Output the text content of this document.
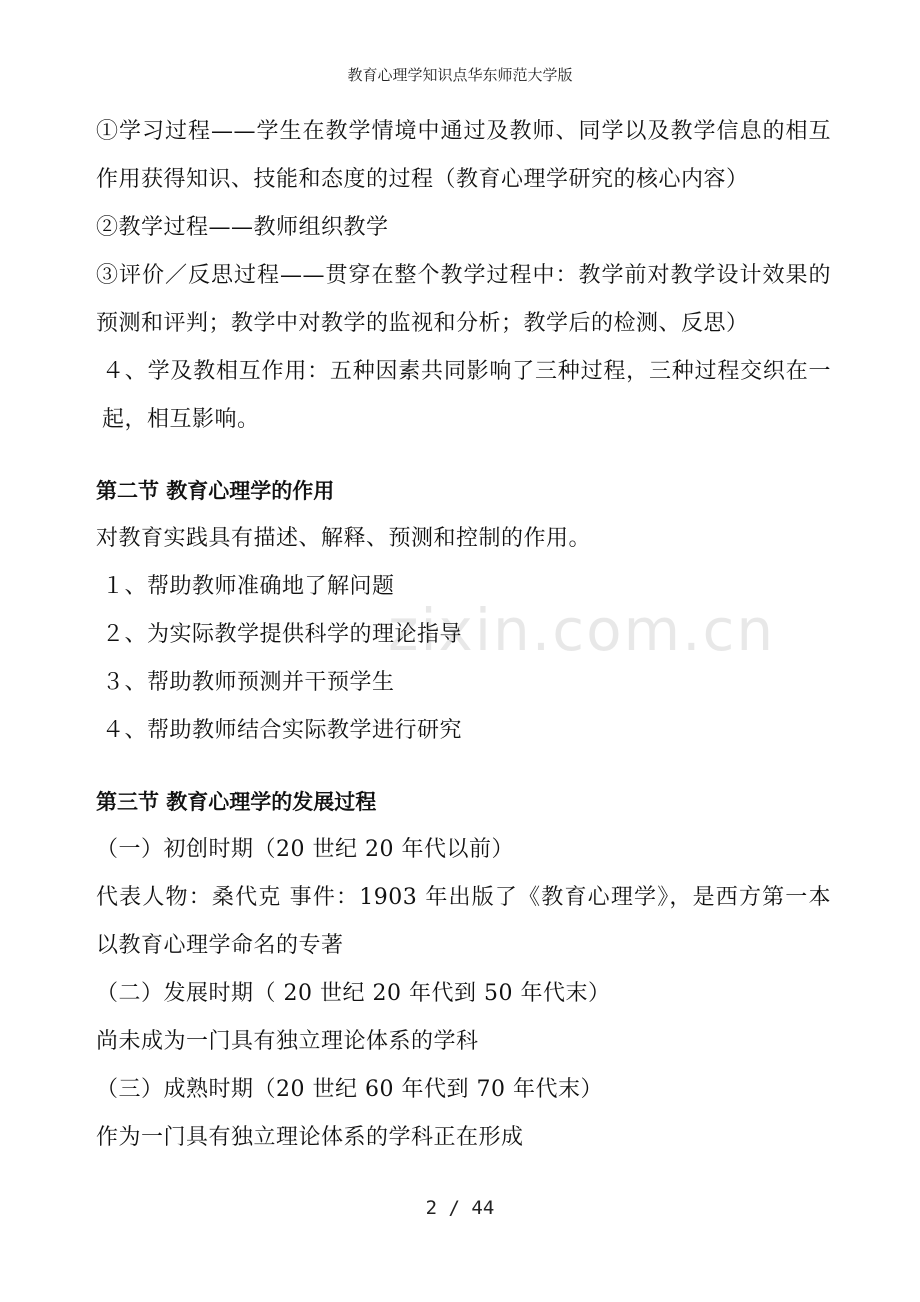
教育心理学知识点华东师范大学版
①学习过程——学生在教学情境中通过及教师、同学以及教学信息的相互作用获得知识、技能和态度的过程（教育心理学研究的核心内容）
②教学过程——教师组织教学
③评价／反思过程——贯穿在整个教学过程中：教学前对教学设计效果的预测和评判；教学中对教学的监视和分析；教学后的检测、反思）
４、学及教相互作用：五种因素共同影响了三种过程，三种过程交织在一起，相互影响。
第二节 教育心理学的作用
对教育实践具有描述、解释、预测和控制的作用。
１、帮助教师准确地了解问题
２、为实际教学提供科学的理论指导
３、帮助教师预测并干预学生
４、帮助教师结合实际教学进行研究
第三节 教育心理学的发展过程
（一）初创时期（20 世纪 20 年代以前）
代表人物：桑代克 事件：1903 年出版了《教育心理学》，是西方第一本以教育心理学命名的专著
（二）发展时期（ 20 世纪 20 年代到 50 年代末）
尚未成为一门具有独立理论体系的学科
（三）成熟时期（20 世纪 60 年代到 70 年代末）
作为一门具有独立理论体系的学科正在形成
zixin.com.cn
2 / 44
